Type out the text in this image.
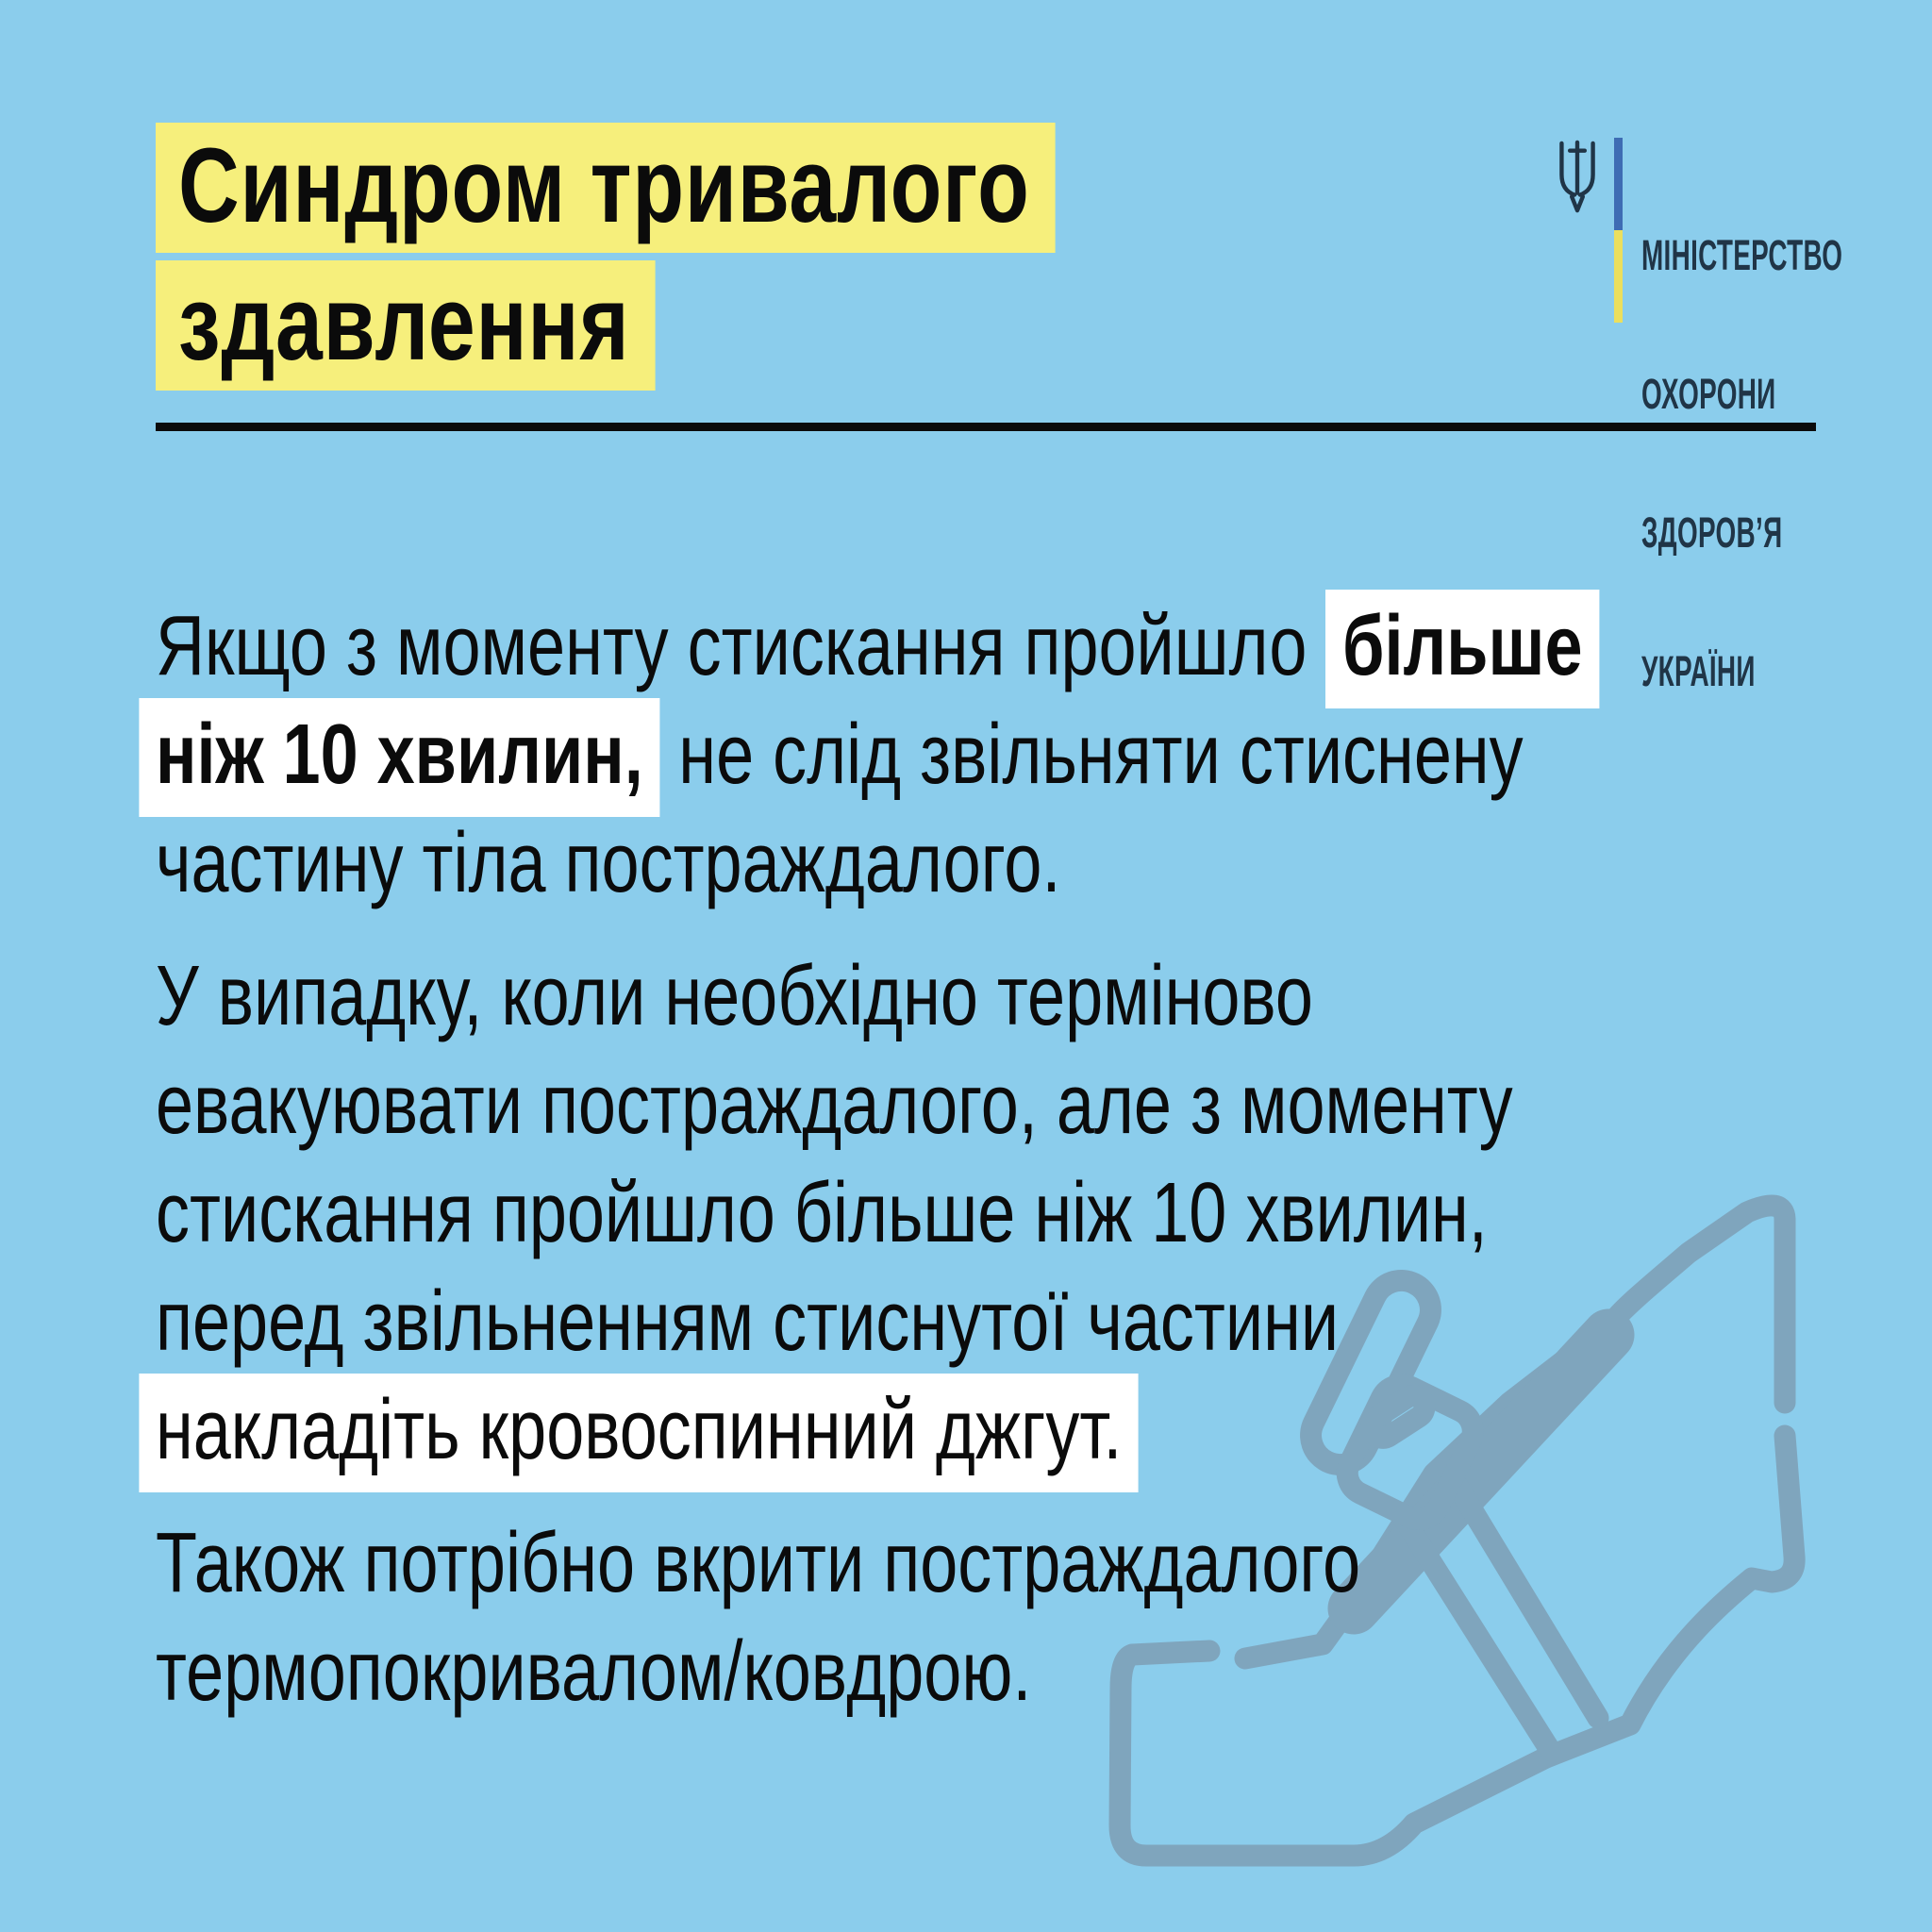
Синдром тривалого
здавлення

МІНІСТЕРСТВО

ОХОРОНИ

ЗДОРОВ’Я

УКРАЇНИ

Якщо з моменту стискання пройшло більше
ніж 10 хвилин, не слід звільняти стиснену
частину тіла постраждалого.
У випадку, коли необхідно терміново
евакуювати постраждалого, але з моменту
стискання пройшло більше ніж 10 хвилин,
перед звільненням стиснутої частини
накладіть кровоспинний джгут.
Також потрібно вкрити постраждалого
термопокривалом/ковдрою.
